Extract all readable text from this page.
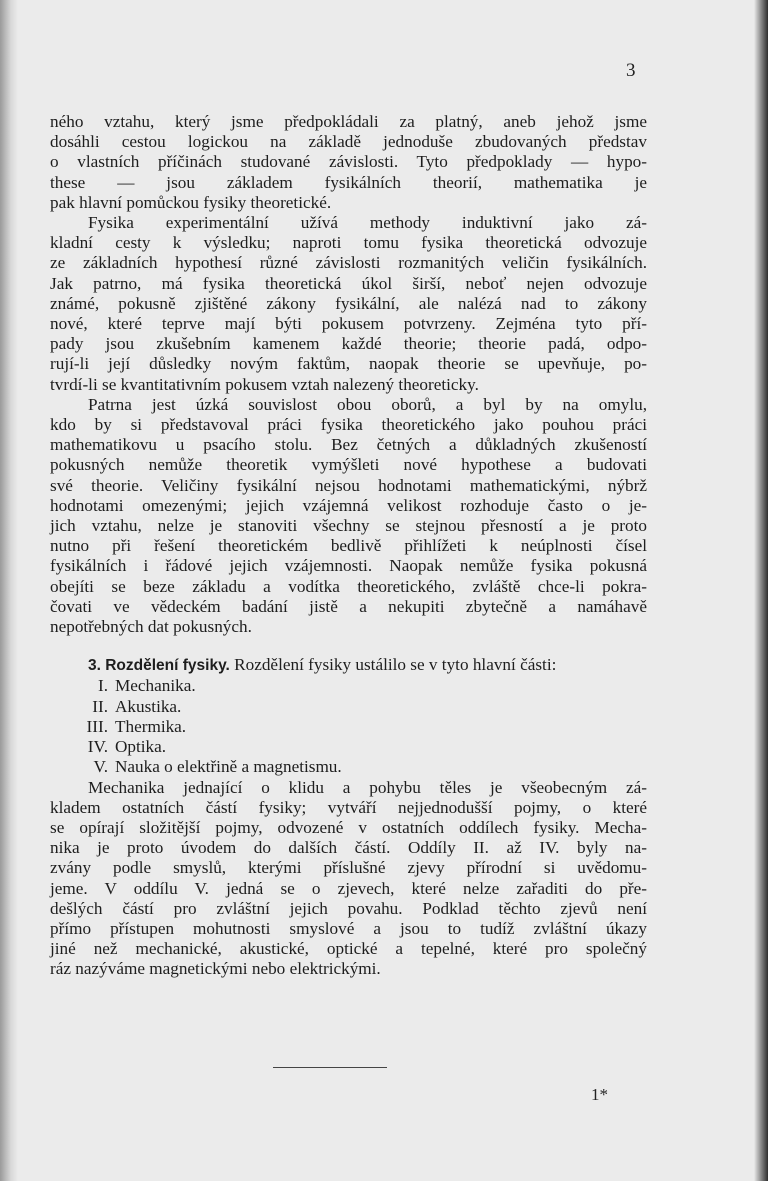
3
ného vztahu, který jsme předpokládali za platný, aneb jehož jsme
dosáhli cestou logickou na základě jednoduše zbudovaných představ
o vlastních příčinách studované závislosti. Tyto předpoklady — hypo-
these — jsou základem fysikálních theorií, mathematika je
pak hlavní pomůckou fysiky theoretické.
Fysika experimentální užívá methody induktivní jako zá-
kladní cesty k výsledku; naproti tomu fysika theoretická odvozuje
ze základních hypothesí různé závislosti rozmanitých veličin fysikálních.
Jak patrno, má fysika theoretická úkol širší, neboť nejen odvozuje
známé, pokusně zjištěné zákony fysikální, ale nalézá nad to zákony
nové, které teprve mají býti pokusem potvrzeny. Zejména tyto pří-
pady jsou zkušebním kamenem každé theorie; theorie padá, odpo-
rují-li její důsledky novým faktům, naopak theorie se upevňuje, po-
tvrdí-li se kvantitativním pokusem vztah nalezený theoreticky.
Patrna jest úzká souvislost obou oborů, a byl by na omylu,
kdo by si představoval práci fysika theoretického jako pouhou práci
mathematikovu u psacího stolu. Bez četných a důkladných zkušeností
pokusných nemůže theoretik vymýšleti nové hypothese a budovati
své theorie. Veličiny fysikální nejsou hodnotami mathematickými, nýbrž
hodnotami omezenými; jejich vzájemná velikost rozhoduje často o je-
jich vztahu, nelze je stanoviti všechny se stejnou přesností a je proto
nutno při řešení theoretickém bedlivě přihlížeti k neúplnosti čísel
fysikálních i řádové jejich vzájemnosti. Naopak nemůže fysika pokusná
obejíti se beze základu a vodítka theoretického, zvláště chce-li pokra-
čovati ve vědeckém badání jistě a nekupiti zbytečně a namáhavě
nepotřebných dat pokusných.
3. Rozdělení fysiky. Rozdělení fysiky ustálilo se v tyto hlavní části:
I. Mechanika.
II. Akustika.
III. Thermika.
IV. Optika.
V. Nauka o elektřině a magnetismu.
Mechanika jednající o klidu a pohybu těles je všeobecným zá-
kladem ostatních částí fysiky; vytváří nejjednodušší pojmy, o které
se opírají složitější pojmy, odvozené v ostatních oddílech fysiky. Mecha-
nika je proto úvodem do dalších částí. Oddíly II. až IV. byly na-
zvány podle smyslů, kterými příslušné zjevy přírodní si uvědomu-
jeme. V oddílu V. jedná se o zjevech, které nelze zařaditi do pře-
dešlých částí pro zvláštní jejich povahu. Podklad těchto zjevů není
přímo přístupen mohutnosti smyslové a jsou to tudíž zvláštní úkazy
jiné než mechanické, akustické, optické a tepelné, které pro společný
ráz nazýváme magnetickými nebo elektrickými.
1*
